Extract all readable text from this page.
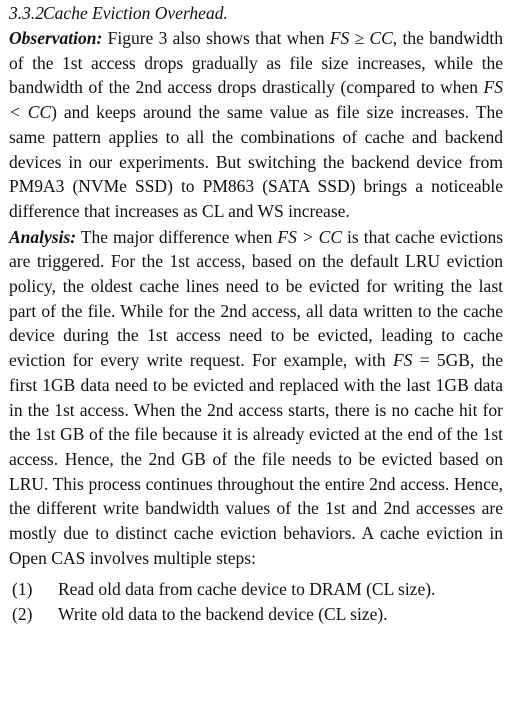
3.3.2Cache Eviction Overhead.

Observation: Figure 3 also shows that when FS ≥ CC, the bandwidth of the 1st access drops gradually as file size increases, while the bandwidth of the 2nd access drops drastically (compared to when FS < CC) and keeps around the same value as file size increases. The same pattern applies to all the combinations of cache and backend devices in our experiments. But switching the backend device from PM9A3 (NVMe SSD) to PM863 (SATA SSD) brings a noticeable difference that increases as CL and WS increase.

Analysis: The major difference when FS > CC is that cache evictions are triggered. For the 1st access, based on the default LRU eviction policy, the oldest cache lines need to be evicted for writing the last part of the file. While for the 2nd access, all data written to the cache device during the 1st access need to be evicted, leading to cache eviction for every write request. For example, with FS = 5GB, the first 1GB data need to be evicted and replaced with the last 1GB data in the 1st access. When the 2nd access starts, there is no cache hit for the 1st GB of the file because it is already evicted at the end of the 1st access. Hence, the 2nd GB of the file needs to be evicted based on LRU. This process continues throughout the entire 2nd access. Hence, the different write bandwidth values of the 1st and 2nd accesses are mostly due to distinct cache eviction behaviors. A cache eviction in Open CAS involves multiple steps:

(1) Read old data from cache device to DRAM (CL size).
(2) Write old data to the backend device (CL size).
